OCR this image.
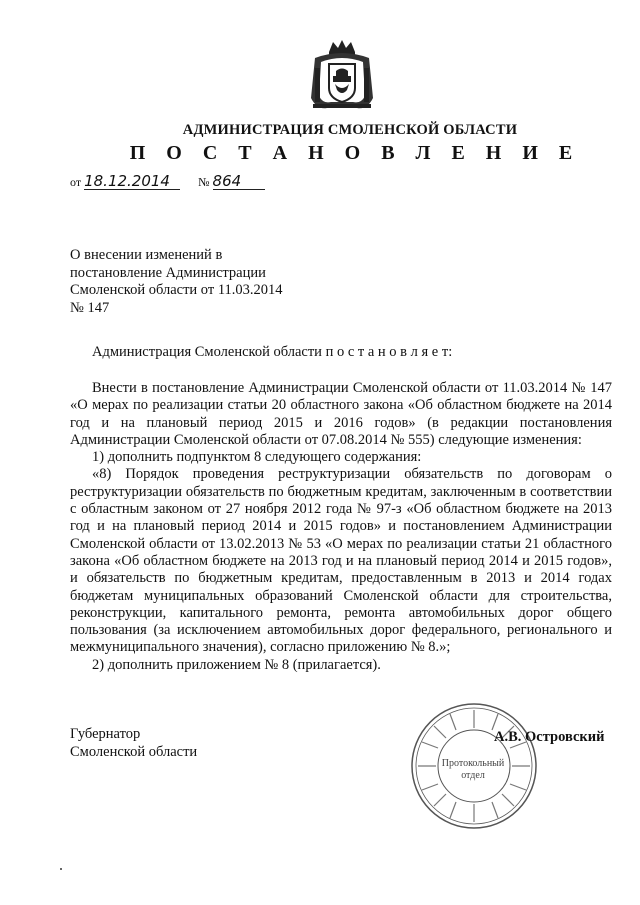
АДМИНИСТРАЦИЯ СМОЛЕНСКОЙ ОБЛАСТИ
П О С Т А Н О В Л Е Н И Е
от 18.12.2014 № 864
О внесении изменений в
постановление Администрации
Смоленской области от 11.03.2014
№ 147
Администрация Смоленской области п о с т а н о в л я е т:

Внести в постановление Администрации Смоленской области от 11.03.2014 № 147 «О мерах по реализации статьи 20 областного закона «Об областном бюджете на 2014 год и на плановый период 2015 и 2016 годов» (в редакции постановления Администрации Смоленской области от 07.08.2014 № 555) следующие изменения:

1) дополнить подпунктом 8 следующего содержания:

«8) Порядок проведения реструктуризации обязательств по договорам о реструктуризации обязательств по бюджетным кредитам, заключенным в соответствии с областным законом от 27 ноября 2012 года № 97-з «Об областном бюджете на 2013 год и на плановый период 2014 и 2015 годов» и постановлением Администрации Смоленской области от 13.02.2013 № 53 «О мерах по реализации статьи 21 областного закона «Об областном бюджете на 2013 год и на плановый период 2014 и 2015 годов», и обязательств по бюджетным кредитам, предоставленным в 2013 и 2014 годах бюджетам муниципальных образований Смоленской области для строительства, реконструкции, капитального ремонта, ремонта автомобильных дорог общего пользования (за исключением автомобильных дорог федерального, регионального и межмуниципального значения), согласно приложению № 8.»;

2) дополнить приложением № 8 (прилагается).

Губернатор
Смоленской области
Протокольный
отдел
А.В. Островский
